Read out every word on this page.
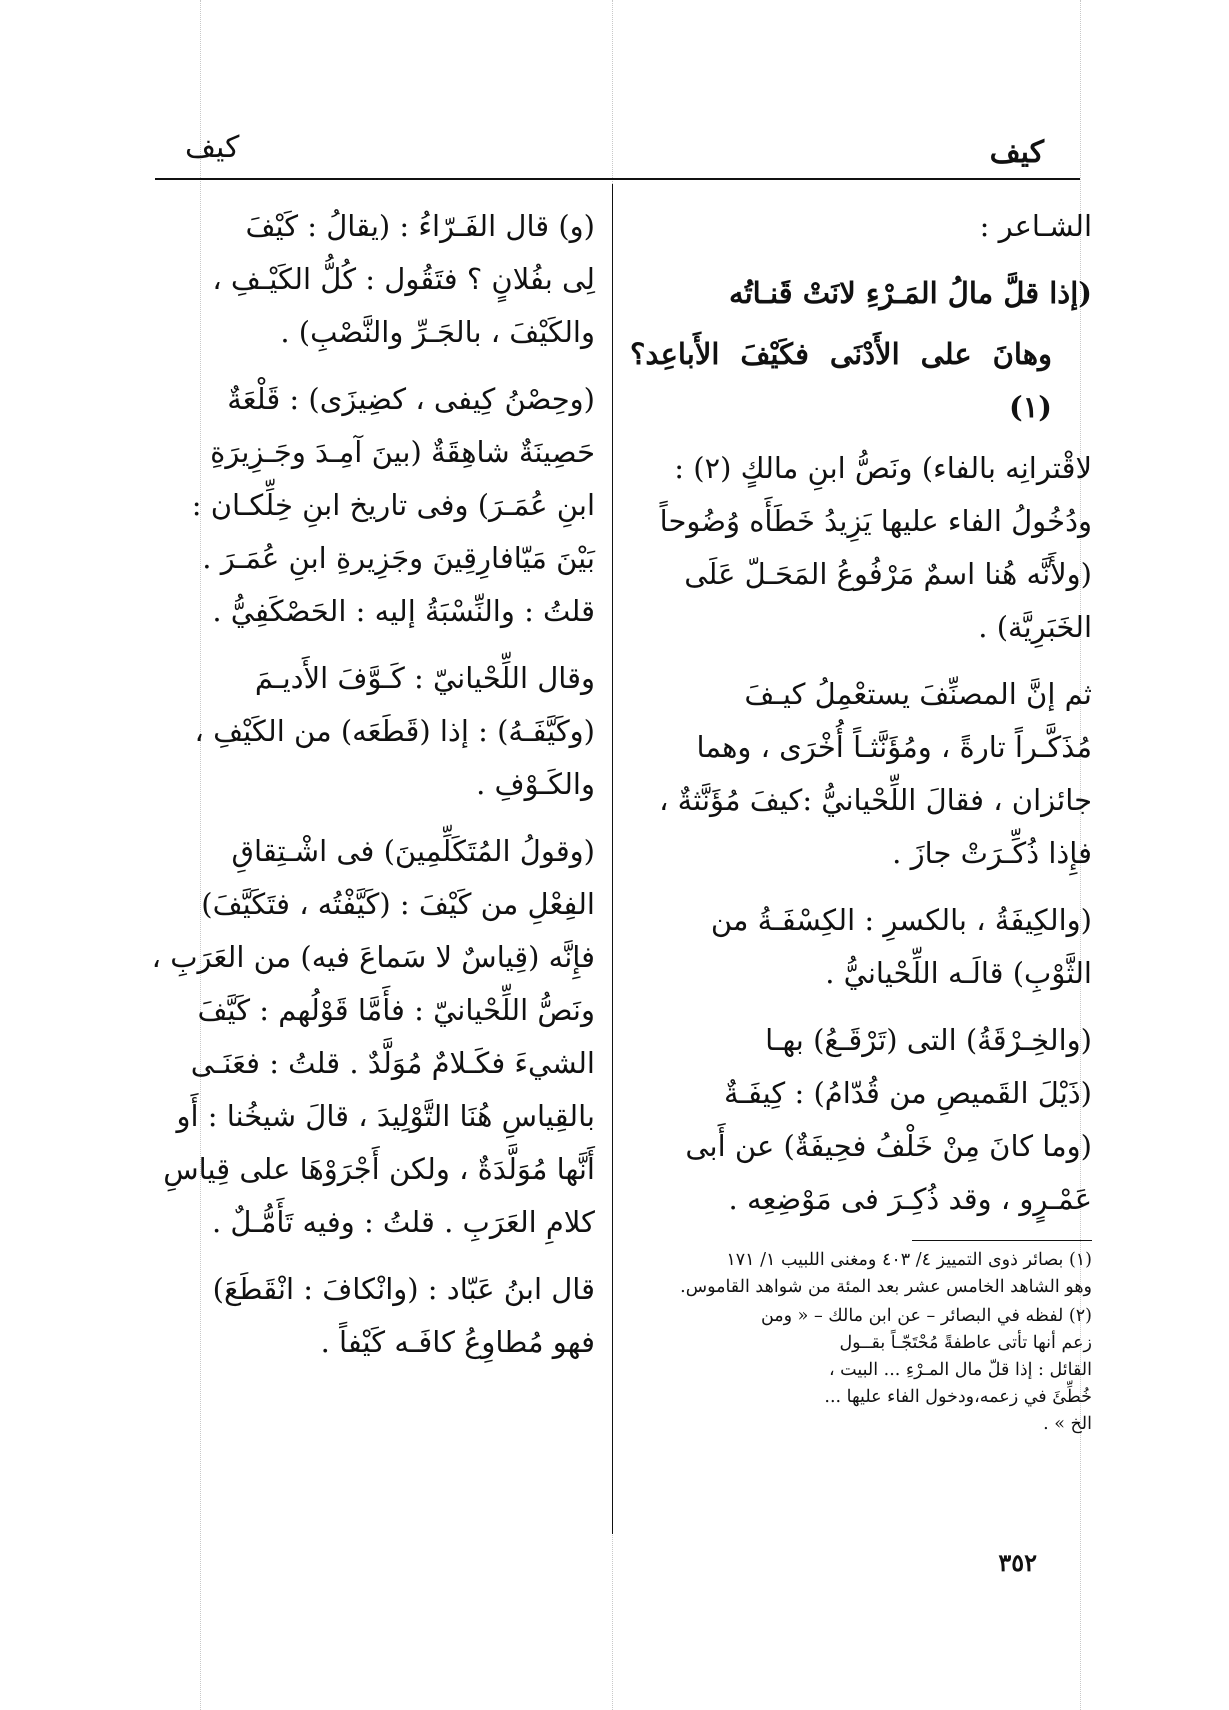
كيف
كيف

الشـاعر :

(إذا قلَّ مالُ المَـرْءِ لانَتْ قَنـاتُه

وهانَ على الأَدْنَى فكَيْفَ الأَباعِد؟ (١)

لاقْترانِه بالفاء) ونَصُّ ابنِ مالكٍ (٢) :
ودُخُولُ الفاء عليها يَزِيدُ خَطَأَه وُضُوحاً
(ولأَنَّه هُنا اسمٌ مَرْفُوعُ المَحَـلّ عَلَى
الخَبَرِيَّة) .

ثم إنَّ المصنِّفَ يستعْمِلُ كيـفَ
مُذَكَّـراً تارةً ، ومُؤَنَّثـاً أُخْرَى ، وهما
جائزان ، فقالَ اللِّحْيانيُّ :كيفَ مُؤَنَّثةٌ ،
فإِذا ذُكِّـرَتْ جازَ .

(والكِيفَةُ ، بالكسرِ : الكِسْفَـةُ من
الثَّوْبِ) قالَـه اللِّحْيانيُّ .

(والخِـرْقَةُ) التى (تَرْقَـعُ) بهـا
(ذَيْلَ القَميصِ من قُدّامُ) : كِيفَـةٌ
(وما كانَ مِنْ خَلْفُ فحِيفَةٌ) عن أَبى
عَمْـرٍو ، وقد ذُكِـرَ فى مَوْضِعِه .

(١) بصائر ذوى التمييز ٤/ ٤٠٣ ومغنى اللبيب ١/ ١٧١
وهو الشاهد الخامس عشر بعد المئة من شواهد القاموس.

(٢) لفظه في البصائر – عن ابن مالك – « ومن
زعم أنها تأتى عاطفةً مُحْتَجّـاً بقــول
القائل : إذا قلّ مال المـرْءِ ... البيت ،
خُطِّئَ في زعمه،ودخول الفاء عليها ...
الخ » .

(و) قال الفَـرّاءُ : (يقالُ : كَيْفَ
لِى بفُلانٍ ؟ فتَقُول : كُلُّ الكَيْـفِ ،
والكَيْفَ ، بالجَـرِّ والنَّصْبِ) .

(وحِصْنُ كِيفى ، كضِيزَى) : قَلْعَةٌ
حَصِينَةٌ شاهِقَةٌ (بينَ آمِـدَ وجَـزِيرَةِ
ابنِ عُمَـرَ) وفى تاريخ ابنِ خِلِّكـان :
بَيْنَ مَيّافارِقِينَ وجَزِيرةِ ابنِ عُمَـرَ .
قلتُ : والنِّسْبَةُ إليه : الحَصْكَفِيُّ .

وقال اللِّحْيانيّ : كَـوَّفَ الأَديـمَ
(وكَيَّفَـهُ) : إذا (قَطَعَه) من الكَيْفِ ،
والكَـوْفِ .

(وقولُ المُتَكَلِّمِينَ) فى اشْـتِقاقِ
الفِعْلِ من كَيْفَ : (كَيَّفْتُه ، فتَكَيَّفَ)
فإِنَّه (قِياسٌ لا سَماعَ فيه) من العَرَبِ ،
ونَصُّ اللِّحْيانيّ : فأَمَّا قَوْلُهم : كَيَّفَ
الشيءَ فكَـلامٌ مُوَلَّدٌ . قلتُ : فعَنَـى
بالقِياسِ هُنَا التَّوْلِيدَ ، قالَ شيخُنا : أَو
أَنَّها مُوَلَّدَةٌ ، ولكن أَجْرَوْهَا على قِياسِ
كلامِ العَرَبِ . قلتُ : وفيه تَأَمُّـلٌ .

قال ابنُ عَبّاد : (وانْكافَ : انْقَطَعَ)
فهو مُطاوِعُ كافَـه كَيْفاً .

٣٥٢
